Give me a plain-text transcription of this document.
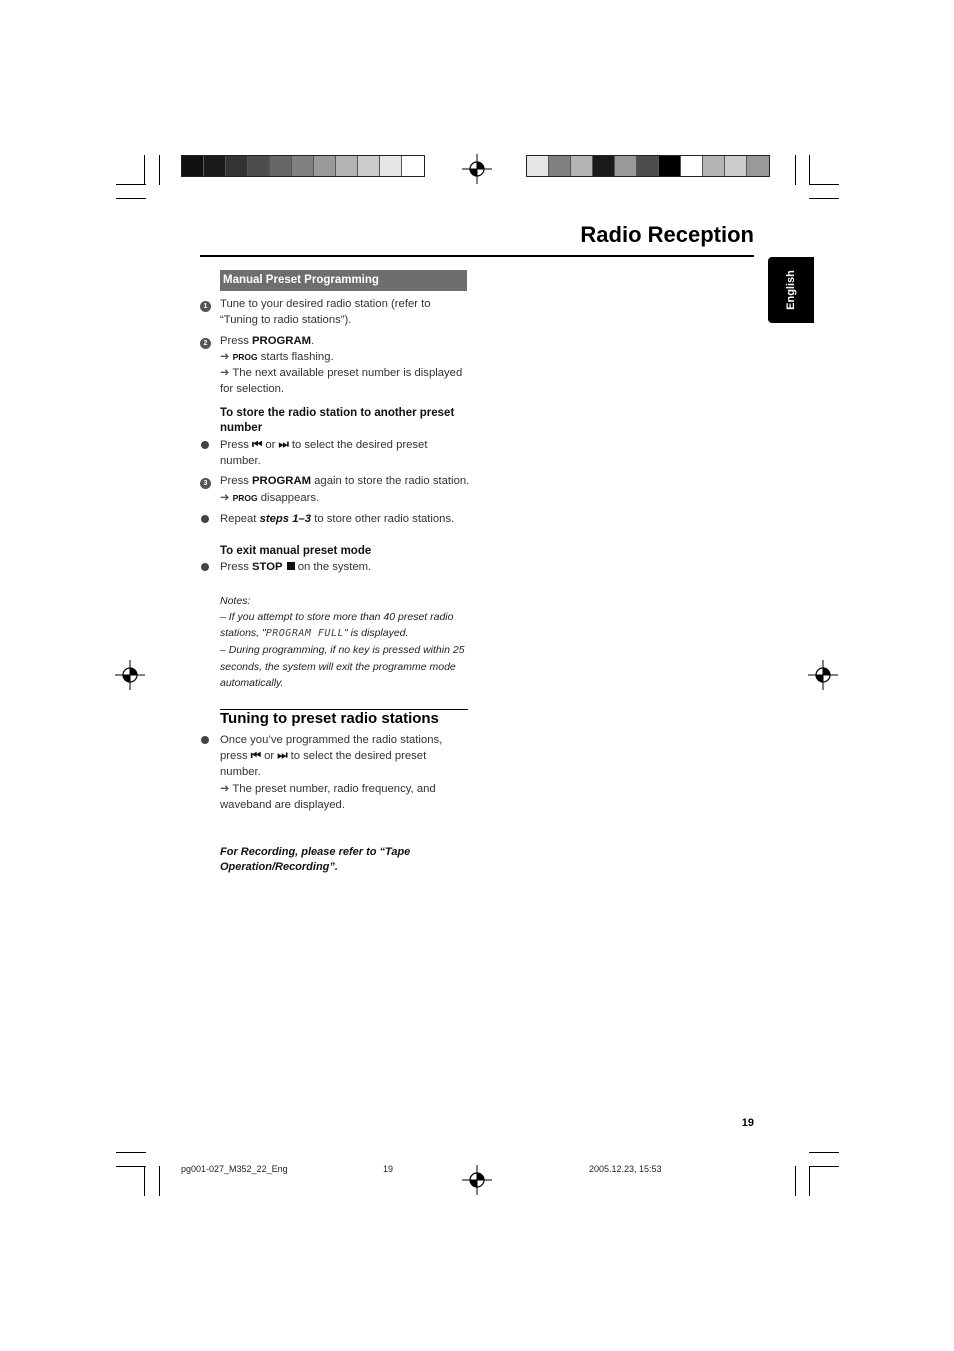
Radio Reception
English
Manual Preset Programming
1	Tune to your desired radio station (refer to “Tuning to radio stations”).
2	Press PROGRAM.
➜ PROG starts flashing.
➜ The next available preset number is displayed for selection.
To store the radio station to another preset number
Press ⏮︎ or ⏭︎ to select the desired preset number.
3	Press PROGRAM again to store the radio station.
➜ PROG disappears.
Repeat steps 1–3 to store other radio stations.
To exit manual preset mode
Press STOP on the system.
Notes:
– If you attempt to store more than 40 preset radio stations, "PROGRAM FULL" is displayed.
– During programming, if no key is pressed within 25 seconds, the system will exit the programme mode automatically.
Tuning to preset radio stations
Once you’ve programmed the radio stations, press ⏮︎ or ⏭︎ to select the desired preset number.
➜ The preset number, radio frequency, and waveband are displayed.
For Recording, please refer to “Tape Operation/Recording”.
19
pg001-027_M352_22_Eng	19	2005.12.23, 15:53
